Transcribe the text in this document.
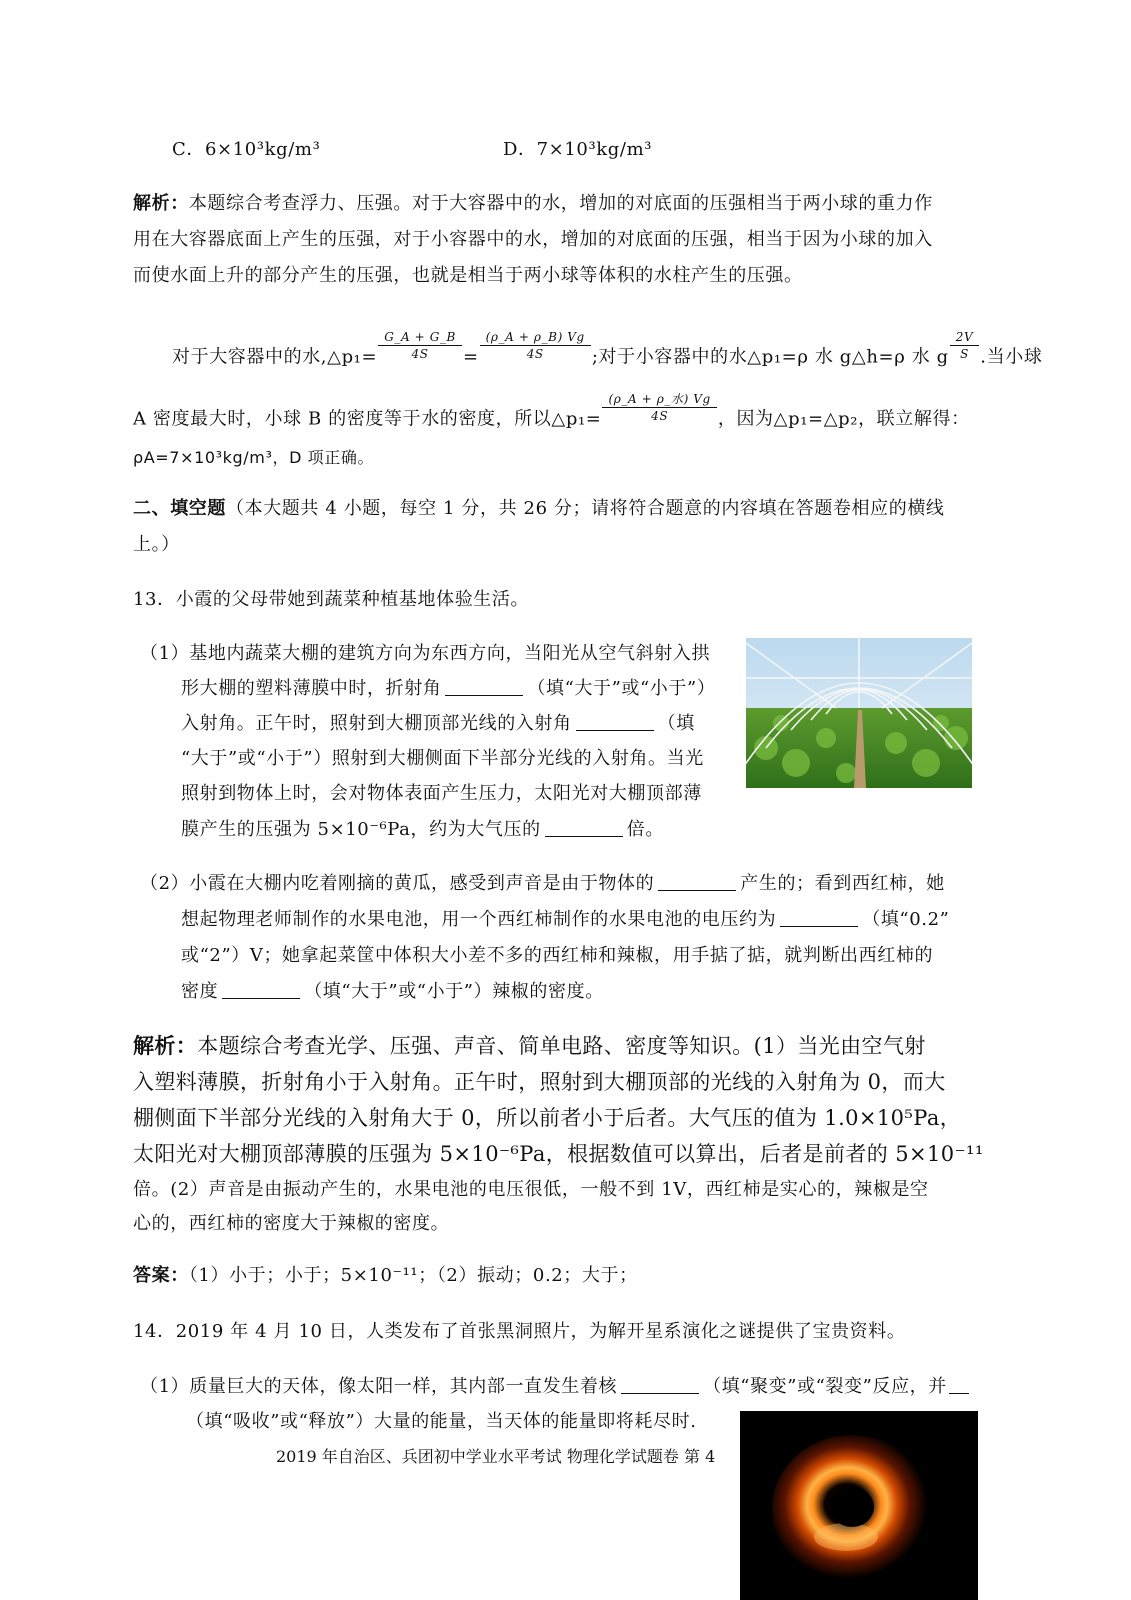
C．6×10³kg/m³	D．7×10³kg/m³
解析：本题综合考查浮力、压强。对于大容器中的水，增加的对底面的压强相当于两小球的重力作
用在大容器底面上产生的压强，对于小容器中的水，增加的对底面的压强，相当于因为小球的加入
而使水面上升的部分产生的压强，也就是相当于两小球等体积的水柱产生的压强。
对于大容器中的水,△p₁= $\frac{G\_A + G\_B}{4S} = \frac{(\rho\_A + \rho\_B) Vg}{4S}$ ;对于小容器中的水△p₁=ρ 水 g△h=ρ 水 g $\frac{2V}{S}$ .当小球
A 密度最大时，小球 B 的密度等于水的密度，所以△p₁= $\frac{\text{(ρ\_A + ρ\_水) Vg}}{4S}$ ，因为△p₁=△p₂，联立解得：
ρA=7×10³kg/m³，D 项正确。
二、填空题（本大题共 4 小题，每空 1 分，共 26 分；请将符合题意的内容填在答题卷相应的横线
上。）
13．小霞的父母带她到蔬菜种植基地体验生活。
（1）基地内蔬菜大棚的建筑方向为东西方向，当阳光从空气斜射入拱
形大棚的塑料薄膜中时，折射角	（填“大于”或“小于”）
入射角。正午时，照射到大棚顶部光线的入射角	（填
“大于”或“小于”）照射到大棚侧面下半部分光线的入射角。当光
照射到物体上时，会对物体表面产生压力，太阳光对大棚顶部薄
膜产生的压强为 5×10⁻⁶Pa，约为大气压的	倍。
（2）小霞在大棚内吃着刚摘的黄瓜，感受到声音是由于物体的	产生的；看到西红柿，她
想起物理老师制作的水果电池，用一个西红柿制作的水果电池的电压约为	（填“0.2”
或“2”）V；她拿起菜筐中体积大小差不多的西红柿和辣椒，用手掂了掂，就判断出西红柿的
密度	（填“大于”或“小于”）辣椒的密度。
解析：本题综合考查光学、压强、声音、简单电路、密度等知识。(1）当光由空气射
入塑料薄膜，折射角小于入射角。正午时，照射到大棚顶部的光线的入射角为 0，而大
棚侧面下半部分光线的入射角大于 0，所以前者小于后者。大气压的值为 1.0×10⁵Pa，
太阳光对大棚顶部薄膜的压强为 5×10⁻⁶Pa，根据数值可以算出，后者是前者的 5×10⁻¹¹
倍。(2）声音是由振动产生的，水果电池的电压很低，一般不到 1V，西红柿是实心的，辣椒是空
心的，西红柿的密度大于辣椒的密度。
答案：（1）小于；小于；5×10⁻¹¹；（2）振动；0.2；大于；
14．2019 年 4 月 10 日，人类发布了首张黑洞照片，为解开星系演化之谜提供了宝贵资料。
（1）质量巨大的天体，像太阳一样，其内部一直发生着核	（填“聚变”或“裂变”反应，并
（填“吸收”或“释放”）大量的能量，当天体的能量即将耗尽时.
2019 年自治区、兵团初中学业水平考试 物理化学试题卷 第 4
